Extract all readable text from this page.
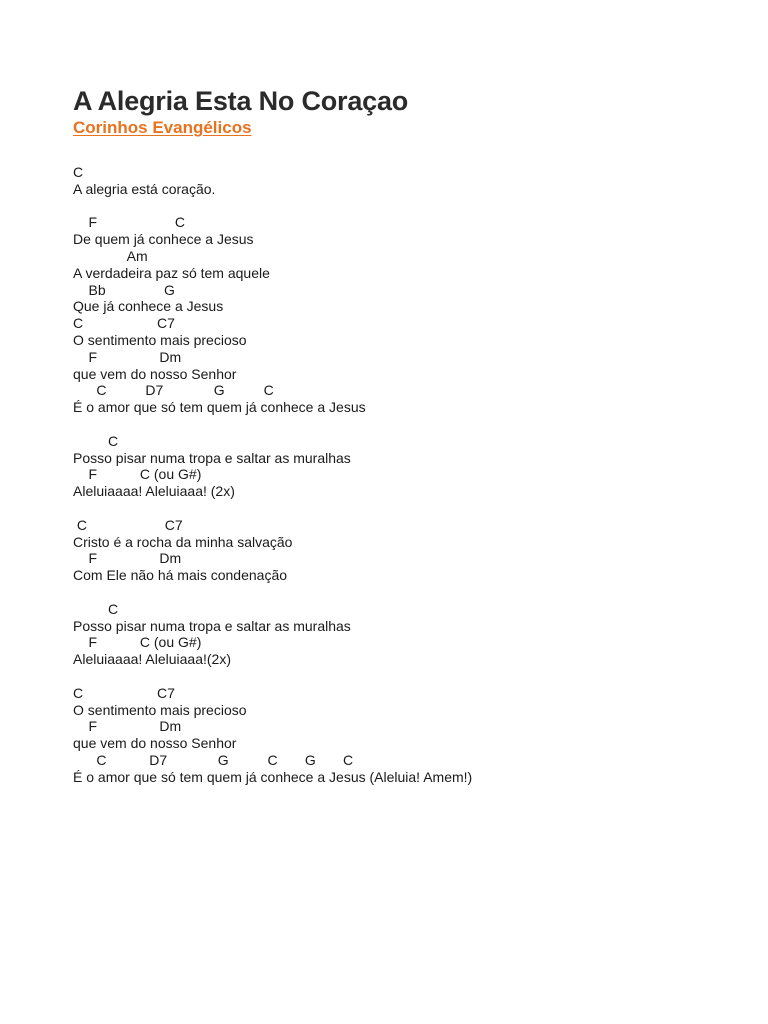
A Alegria Esta No Coraçao
Corinhos Evangélicos
C
A alegria está coração.
F                    C
De quem já conhece a Jesus
Am
A verdadeira paz só tem aquele
Bb               G
Que já conhece a Jesus
C                   C7
O sentimento mais precioso
F                Dm
que vem do nosso Senhor
C          D7             G          C
É o amor que só tem quem já conhece a Jesus
C
Posso pisar numa tropa e saltar as muralhas
F           C (ou G#)
Aleluiaaaa! Aleluiaaa! (2x)
C                    C7
Cristo é a rocha da minha salvação
F                Dm
Com Ele não há mais condenação
C
Posso pisar numa tropa e saltar as muralhas
F           C (ou G#)
Aleluiaaaa! Aleluiaaa!(2x)
C                   C7
O sentimento mais precioso
F                Dm
que vem do nosso Senhor
C           D7             G          C       G       C
É o amor que só tem quem já conhece a Jesus (Aleluia! Amem!)
